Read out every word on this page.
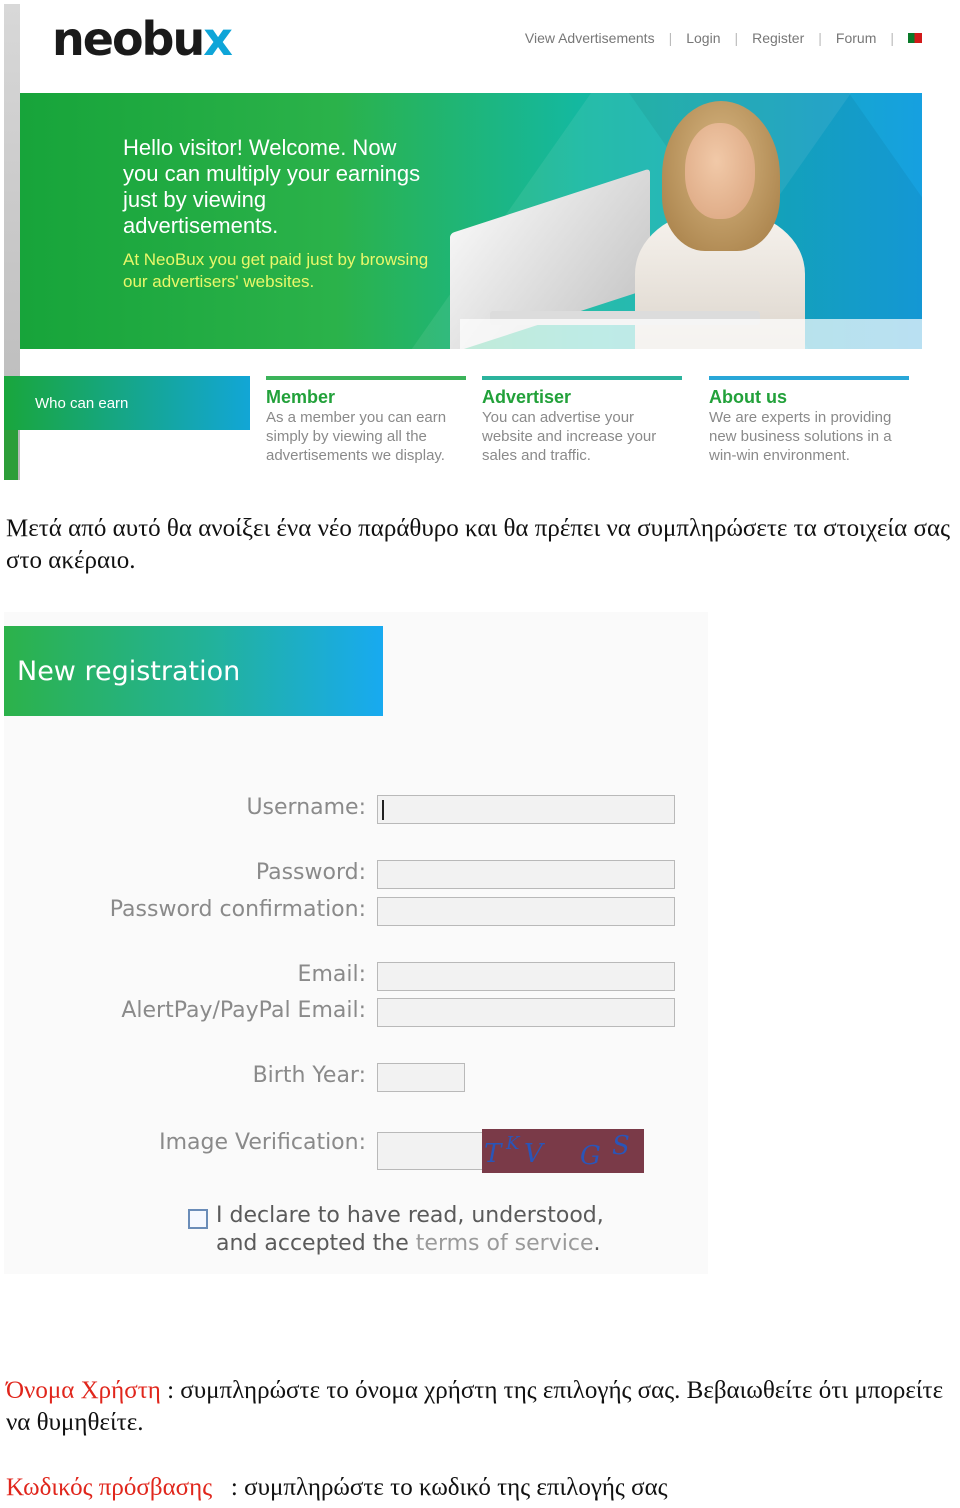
neobux	View Advertisements	|	Login	|	Register	|	Forum	|
Hello visitor! Welcome. Now you can multiply your earnings just by viewing advertisements.
At NeoBux you get paid just by browsing our advertisers' websites.
Who can earn	Member
As a member you can earn simply by viewing all the advertisements we display.
Advertiser
You can advertise your website and increase your sales and traffic.
About us
We are experts in providing new business solutions in a win-win environment.
Μετά από αυτό θα ανοίξει ένα νέο παράθυρο και θα πρέπει να συμπληρώσετε τα στοιχεία σας στο ακέραιο.
New registration
Username:
Password:
Password confirmation:
Email:
AlertPay/PayPal Email:
Birth Year:
Image Verification:	T K V G S
I declare to have read, understood,
and accepted the terms of service.
Όνομα Χρήστη : συμπληρώστε το όνομα χρήστη της επιλογής σας. Βεβαιωθείτε ότι μπορείτε να θυμηθείτε.
Κωδικός πρόσβασης   : συμπληρώστε το κωδικό της επιλογής σας
